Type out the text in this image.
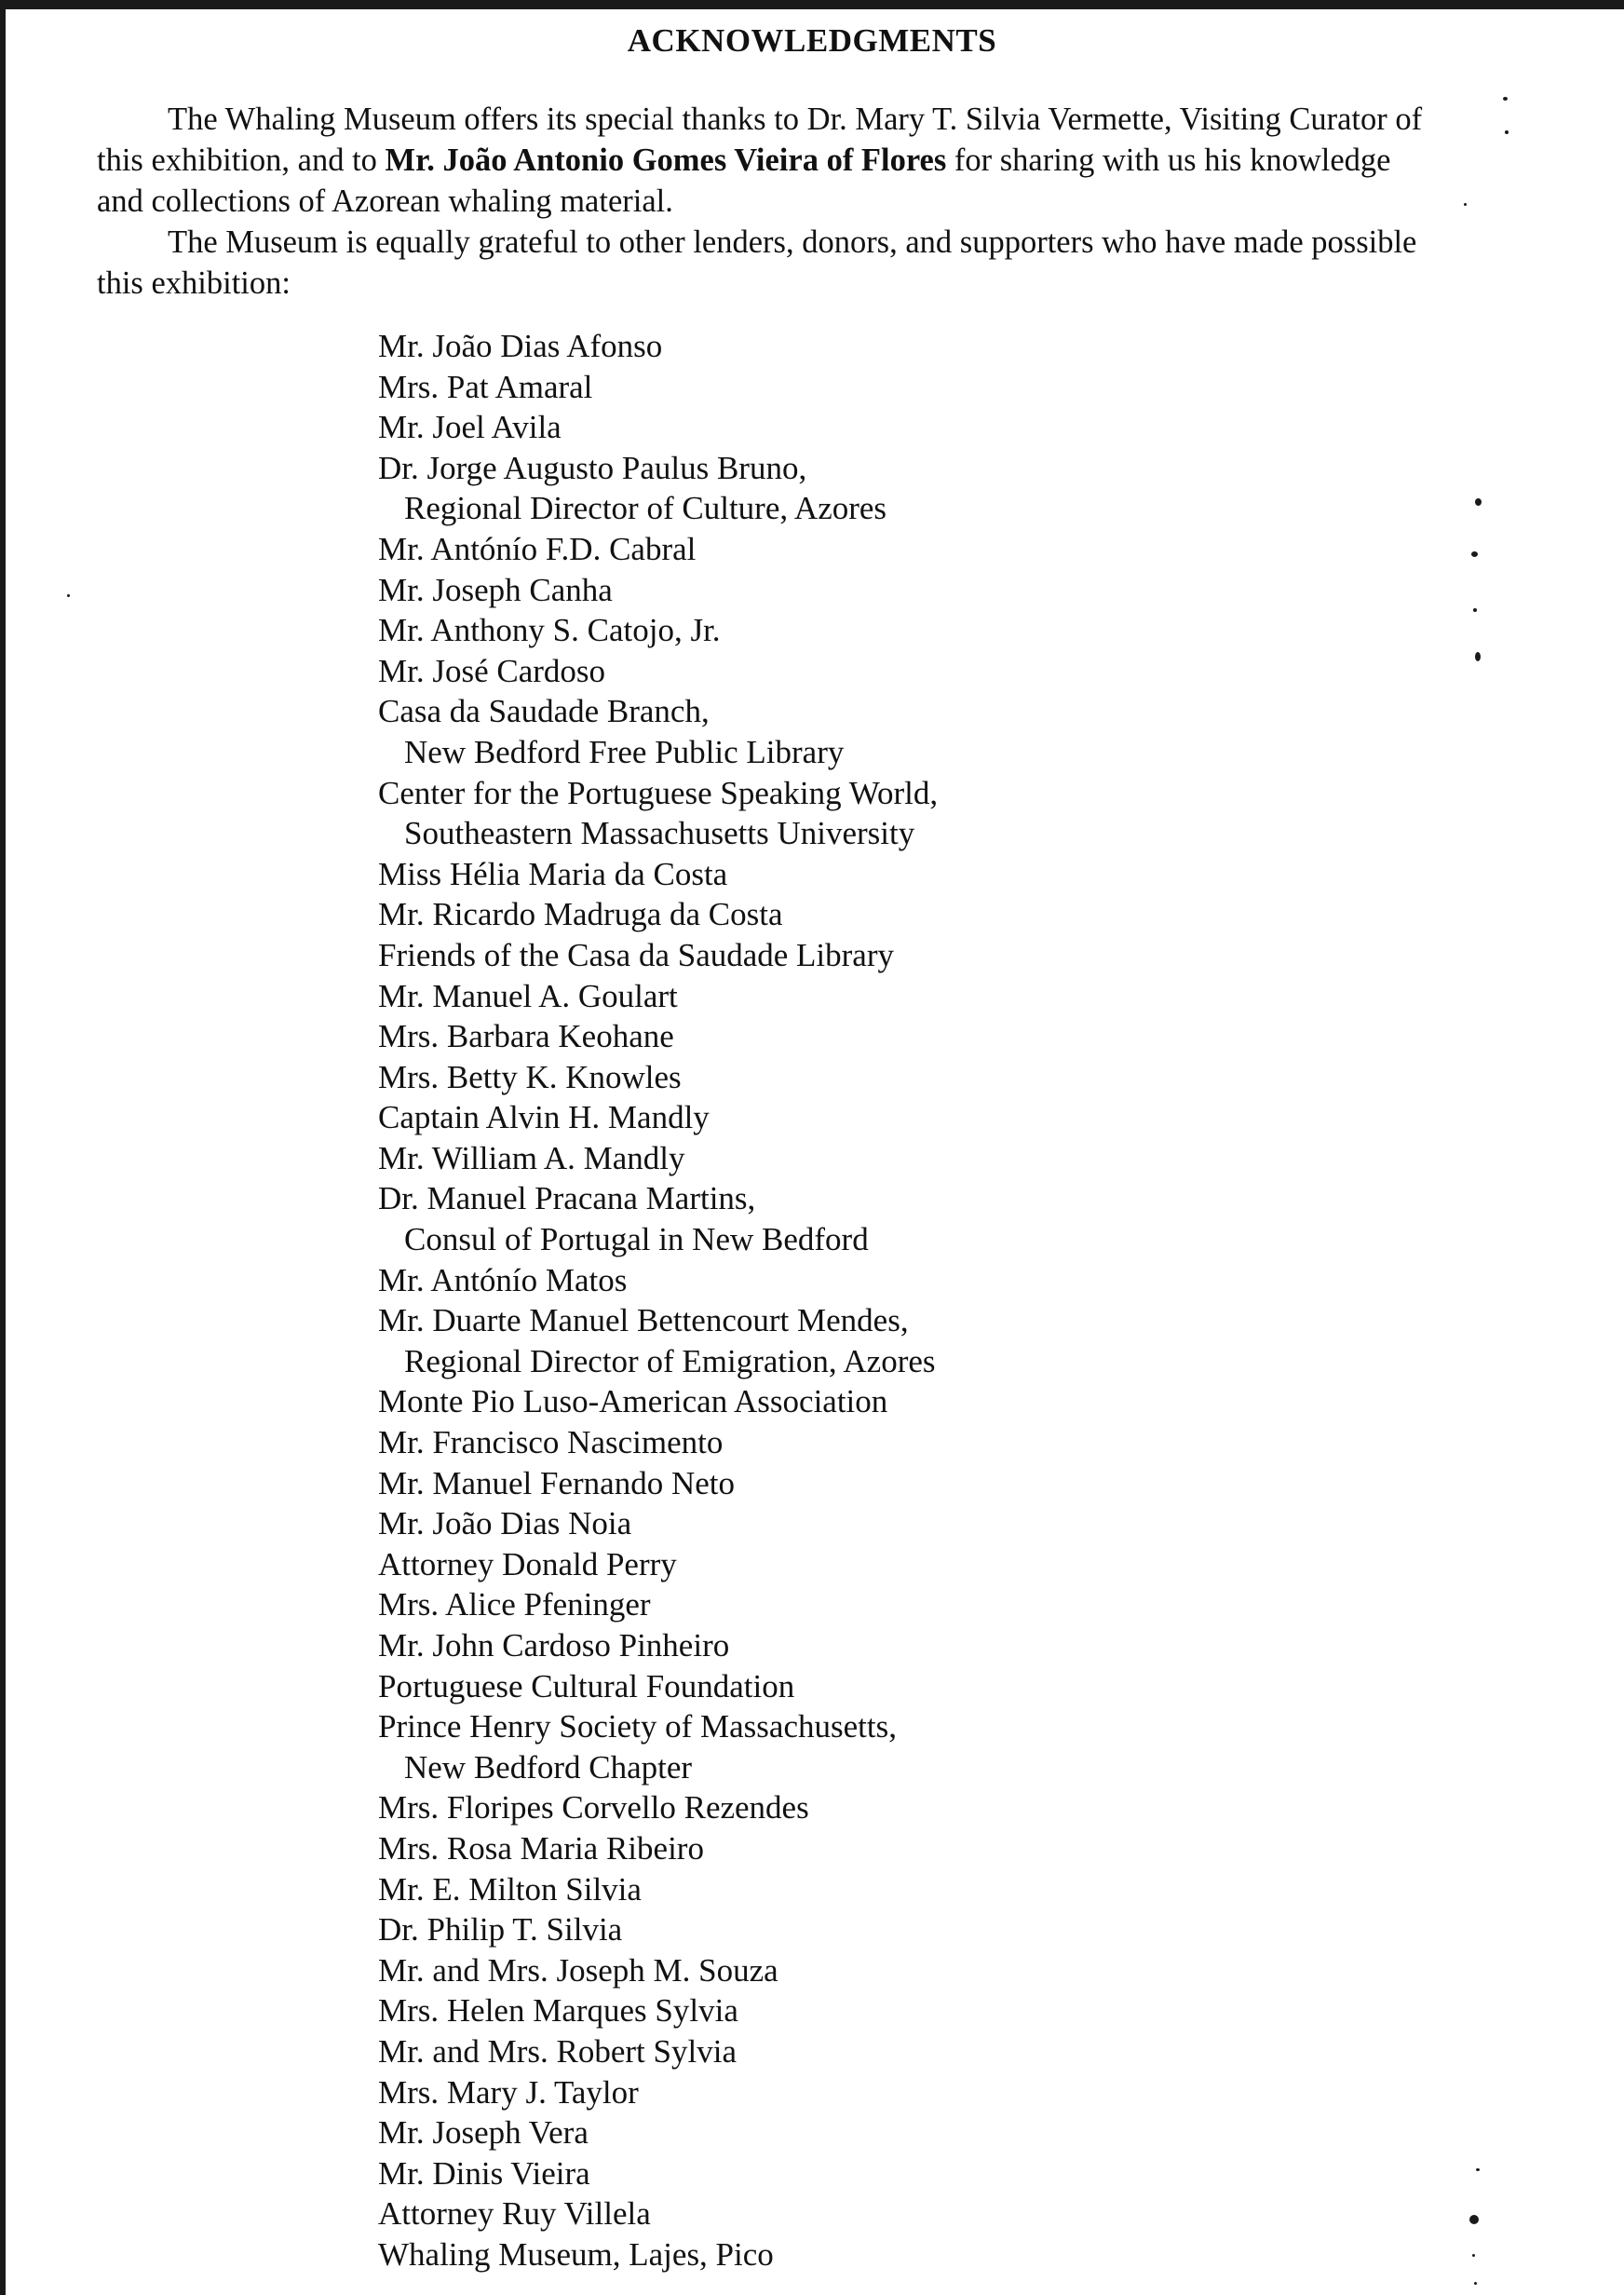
ACKNOWLEDGMENTS

The Whaling Museum offers its special thanks to Dr. Mary T. Silvia Vermette, Visiting Curator of this exhibition, and to Mr. João Antonio Gomes Vieira of Flores for sharing with us his knowledge and collections of Azorean whaling material.

The Museum is equally grateful to other lenders, donors, and supporters who have made possible this exhibition:

Mr. João Dias Afonso
Mrs. Pat Amaral
Mr. Joel Avila
Dr. Jorge Augusto Paulus Bruno,
Regional Director of Culture, Azores
Mr. Antónío F.D. Cabral
Mr. Joseph Canha
Mr. Anthony S. Catojo, Jr.
Mr. José Cardoso
Casa da Saudade Branch,
New Bedford Free Public Library
Center for the Portuguese Speaking World,
Southeastern Massachusetts University
Miss Hélia Maria da Costa
Mr. Ricardo Madruga da Costa
Friends of the Casa da Saudade Library
Mr. Manuel A. Goulart
Mrs. Barbara Keohane
Mrs. Betty K. Knowles
Captain Alvin H. Mandly
Mr. William A. Mandly
Dr. Manuel Pracana Martins,
Consul of Portugal in New Bedford
Mr. Antónío Matos
Mr. Duarte Manuel Bettencourt Mendes,
Regional Director of Emigration, Azores
Monte Pio Luso-American Association
Mr. Francisco Nascimento
Mr. Manuel Fernando Neto
Mr. João Dias Noia
Attorney Donald Perry
Mrs. Alice Pfeninger
Mr. John Cardoso Pinheiro
Portuguese Cultural Foundation
Prince Henry Society of Massachusetts,
New Bedford Chapter
Mrs. Floripes Corvello Rezendes
Mrs. Rosa Maria Ribeiro
Mr. E. Milton Silvia
Dr. Philip T. Silvia
Mr. and Mrs. Joseph M. Souza
Mrs. Helen Marques Sylvia
Mr. and Mrs. Robert Sylvia
Mrs. Mary J. Taylor
Mr. Joseph Vera
Mr. Dinis Vieira
Attorney Ruy Villela
Whaling Museum, Lajes, Pico
